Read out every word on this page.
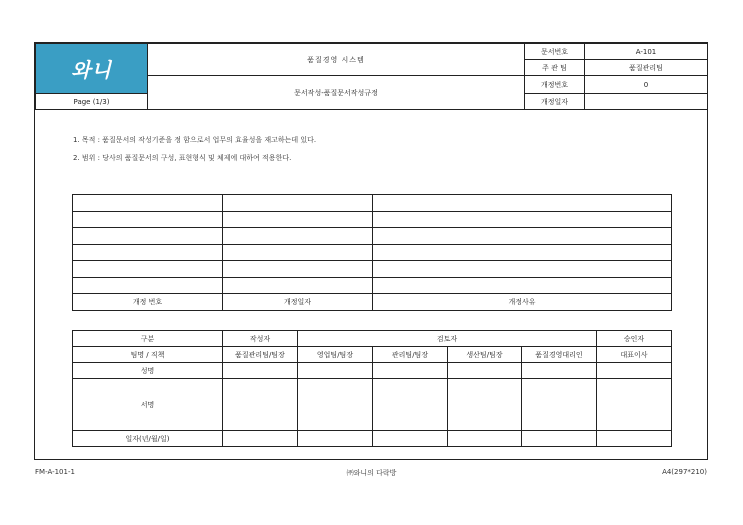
와니	품질경영 시스템	문서번호	A-101
		주 관 팀	품질관리팀
	문서작성-품질문서작성규정	개정번호	0
Page (1/3)		개정일자	
1. 목적 : 품질문서의 작성기준을 정 함으로서 업무의 효율성을 재고하는데 있다.
2. 범위 : 당사의 품질문서의 구성, 표현형식 및 체제에 대하여 적용한다.

개정 번호	개정일자	개정사유
구분	작성자	검토자				승인자
팀명 / 직책	품질관리팀/팀장	영업팀/팀장	관리팀/팀장	생산팀/팀장	품질경영대리인	대표이사
성명						
서명						
일자(년/월/일)						
FM-A-101-1	㈜와니의 다락방	A4(297*210)
